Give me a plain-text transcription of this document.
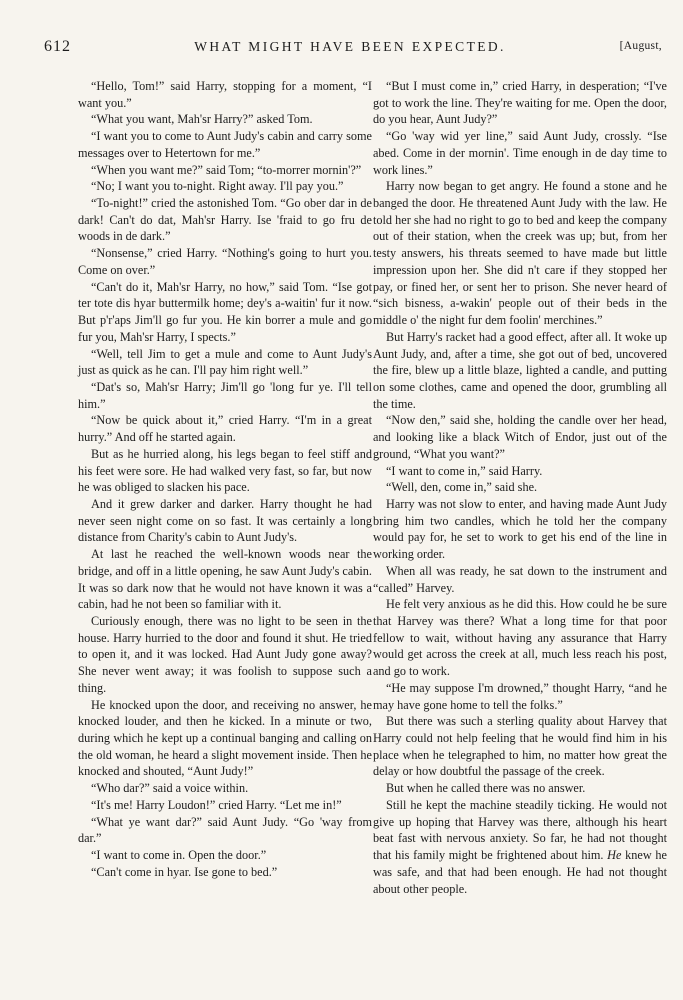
612	WHAT MIGHT HAVE BEEN EXPECTED.	[August,

“Hello, Tom!” said Harry, stopping for a moment, “I want you.”

“What you want, Mah'sr Harry?” asked Tom.

“I want you to come to Aunt Judy's cabin and carry some messages over to Hetertown for me.”

“When you want me?” said Tom; “to-morrer mornin'?”

“No; I want you to-night. Right away. I'll pay you.”

“To-night!” cried the astonished Tom. “Go ober dar in de dark! Can't do dat, Mah'sr Harry. Ise 'fraid to go fru de woods in de dark.”

“Nonsense,” cried Harry. “Nothing's going to hurt you. Come on over.”

“Can't do it, Mah'sr Harry, no how,” said Tom. “Ise got ter tote dis hyar buttermilk home; dey's a-waitin' fur it now. But p'r'aps Jim'll go fur you. He kin borrer a mule and go fur you, Mah'sr Harry, I spects.”

“Well, tell Jim to get a mule and come to Aunt Judy's just as quick as he can. I'll pay him right well.”

“Dat's so, Mah'sr Harry; Jim'll go 'long fur ye. I'll tell him.”

“Now be quick about it,” cried Harry. “I'm in a great hurry.” And off he started again.

But as he hurried along, his legs began to feel stiff and his feet were sore. He had walked very fast, so far, but now he was obliged to slacken his pace.

And it grew darker and darker. Harry thought he had never seen night come on so fast. It was certainly a long distance from Charity's cabin to Aunt Judy's.

At last he reached the well-known woods near the bridge, and off in a little opening, he saw Aunt Judy's cabin. It was so dark now that he would not have known it was a cabin, had he not been so familiar with it.

Curiously enough, there was no light to be seen in the house. Harry hurried to the door and found it shut. He tried to open it, and it was locked. Had Aunt Judy gone away? She never went away; it was foolish to suppose such a thing.

He knocked upon the door, and receiving no answer, he knocked louder, and then he kicked. In a minute or two, during which he kept up a continual banging and calling on the old woman, he heard a slight movement inside. Then he knocked and shouted, “Aunt Judy!”

“Who dar?” said a voice within.

“It's me! Harry Loudon!” cried Harry. “Let me in!”

“What ye want dar?” said Aunt Judy. “Go 'way from dar.”

“I want to come in. Open the door.”

“Can't come in hyar. Ise gone to bed.”

“But I must come in,” cried Harry, in desperation; “I've got to work the line. They're waiting for me. Open the door, do you hear, Aunt Judy?”

“Go 'way wid yer line,” said Aunt Judy, crossly. “Ise abed. Come in der mornin'. Time enough in de day time to work lines.”

Harry now began to get angry. He found a stone and he banged the door. He threatened Aunt Judy with the law. He told her she had no right to go to bed and keep the company out of their station, when the creek was up; but, from her testy answers, his threats seemed to have made but little impression upon her. She did n't care if they stopped her pay, or fined her, or sent her to prison. She never heard of “sich bisness, a-wakin' people out of their beds in the middle o' the night fur dem foolin' merchines.”

But Harry's racket had a good effect, after all. It woke up Aunt Judy, and, after a time, she got out of bed, uncovered the fire, blew up a little blaze, lighted a candle, and putting on some clothes, came and opened the door, grumbling all the time.

“Now den,” said she, holding the candle over her head, and looking like a black Witch of Endor, just out of the ground, “What you want?”

“I want to come in,” said Harry.

“Well, den, come in,” said she.

Harry was not slow to enter, and having made Aunt Judy bring him two candles, which he told her the company would pay for, he set to work to get his end of the line in working order.

When all was ready, he sat down to the instrument and “called” Harvey.

He felt very anxious as he did this. How could he be sure that Harvey was there? What a long time for that poor fellow to wait, without having any assurance that Harry would get across the creek at all, much less reach his post, and go to work.

“He may suppose I'm drowned,” thought Harry, “and he may have gone home to tell the folks.”

But there was such a sterling quality about Harvey that Harry could not help feeling that he would find him in his place when he telegraphed to him, no matter how great the delay or how doubtful the passage of the creek.

But when he called there was no answer.

Still he kept the machine steadily ticking. He would not give up hoping that Harvey was there, although his heart beat fast with nervous anxiety. So far, he had not thought that his family might be frightened about him. He knew he was safe, and that had been enough. He had not thought about other people.
